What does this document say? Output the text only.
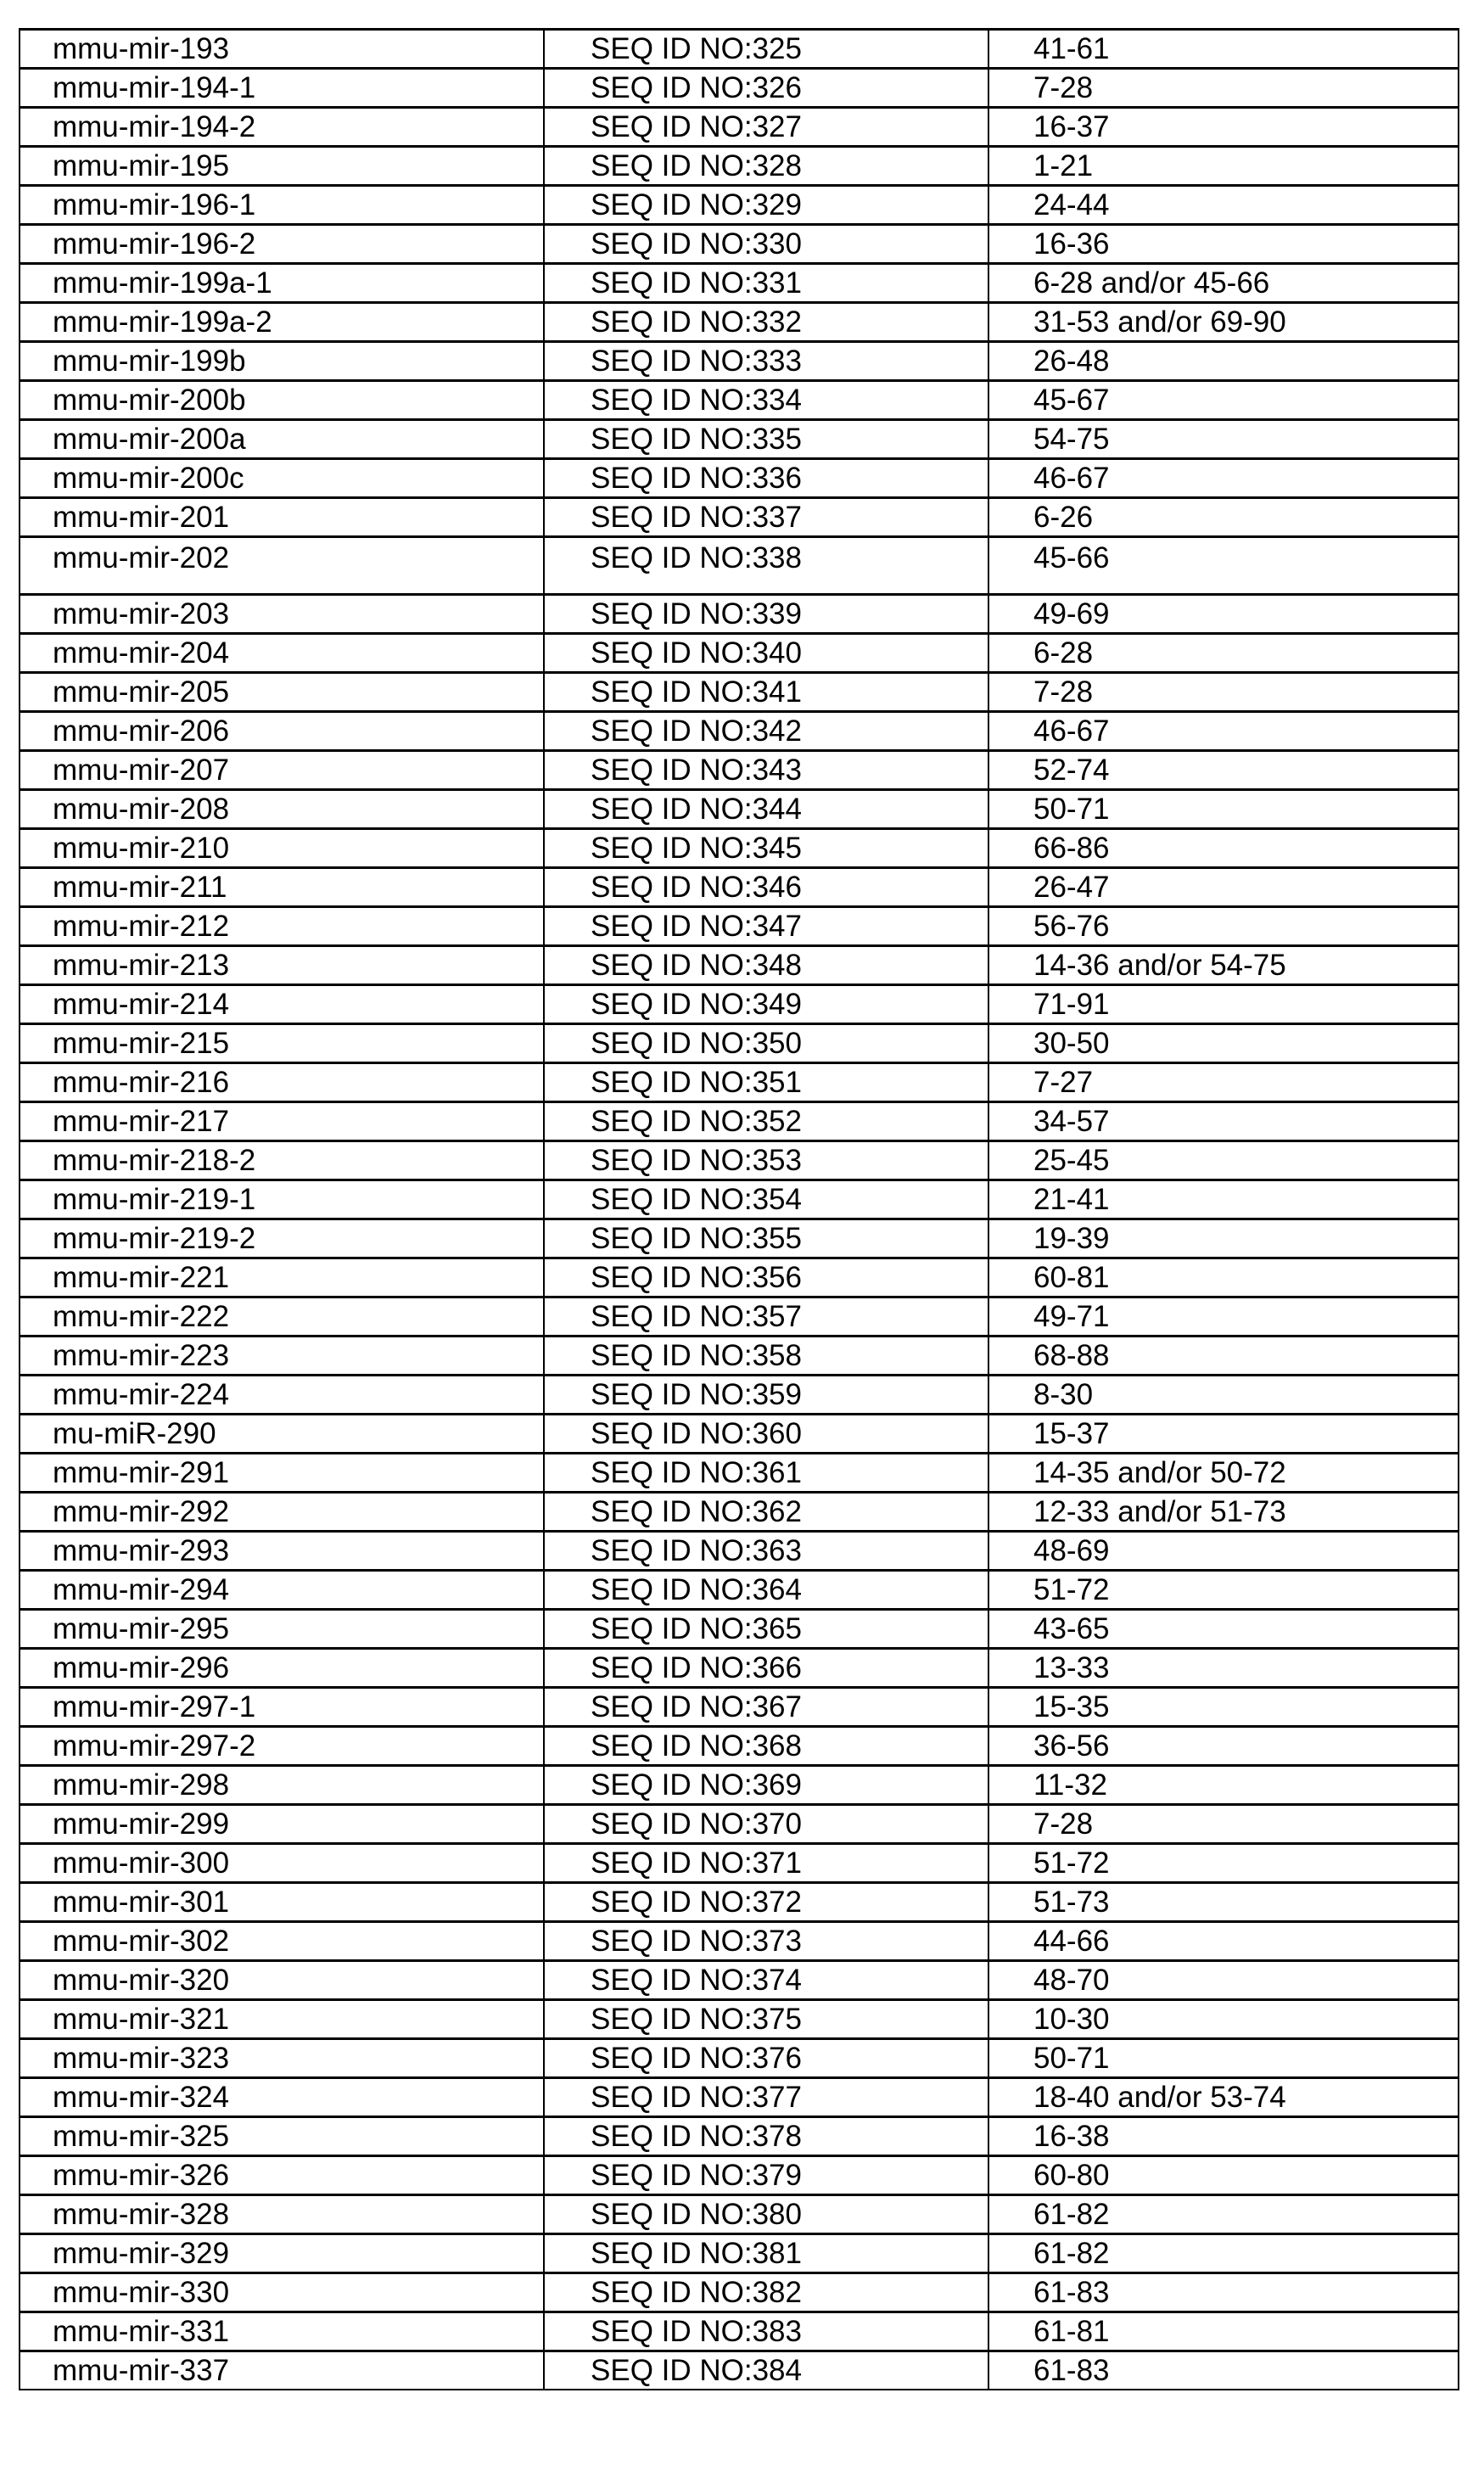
mmu-mir-193	SEQ ID NO:325	41-61
mmu-mir-194-1	SEQ ID NO:326	7-28
mmu-mir-194-2	SEQ ID NO:327	16-37
mmu-mir-195	SEQ ID NO:328	1-21
mmu-mir-196-1	SEQ ID NO:329	24-44
mmu-mir-196-2	SEQ ID NO:330	16-36
mmu-mir-199a-1	SEQ ID NO:331	6-28 and/or 45-66
mmu-mir-199a-2	SEQ ID NO:332	31-53 and/or 69-90
mmu-mir-199b	SEQ ID NO:333	26-48
mmu-mir-200b	SEQ ID NO:334	45-67
mmu-mir-200a	SEQ ID NO:335	54-75
mmu-mir-200c	SEQ ID NO:336	46-67
mmu-mir-201	SEQ ID NO:337	6-26
mmu-mir-202	SEQ ID NO:338	45-66
mmu-mir-203	SEQ ID NO:339	49-69
mmu-mir-204	SEQ ID NO:340	6-28
mmu-mir-205	SEQ ID NO:341	7-28
mmu-mir-206	SEQ ID NO:342	46-67
mmu-mir-207	SEQ ID NO:343	52-74
mmu-mir-208	SEQ ID NO:344	50-71
mmu-mir-210	SEQ ID NO:345	66-86
mmu-mir-211	SEQ ID NO:346	26-47
mmu-mir-212	SEQ ID NO:347	56-76
mmu-mir-213	SEQ ID NO:348	14-36 and/or 54-75
mmu-mir-214	SEQ ID NO:349	71-91
mmu-mir-215	SEQ ID NO:350	30-50
mmu-mir-216	SEQ ID NO:351	7-27
mmu-mir-217	SEQ ID NO:352	34-57
mmu-mir-218-2	SEQ ID NO:353	25-45
mmu-mir-219-1	SEQ ID NO:354	21-41
mmu-mir-219-2	SEQ ID NO:355	19-39
mmu-mir-221	SEQ ID NO:356	60-81
mmu-mir-222	SEQ ID NO:357	49-71
mmu-mir-223	SEQ ID NO:358	68-88
mmu-mir-224	SEQ ID NO:359	8-30
mu-miR-290	SEQ ID NO:360	15-37
mmu-mir-291	SEQ ID NO:361	14-35 and/or 50-72
mmu-mir-292	SEQ ID NO:362	12-33 and/or 51-73
mmu-mir-293	SEQ ID NO:363	48-69
mmu-mir-294	SEQ ID NO:364	51-72
mmu-mir-295	SEQ ID NO:365	43-65
mmu-mir-296	SEQ ID NO:366	13-33
mmu-mir-297-1	SEQ ID NO:367	15-35
mmu-mir-297-2	SEQ ID NO:368	36-56
mmu-mir-298	SEQ ID NO:369	11-32
mmu-mir-299	SEQ ID NO:370	7-28
mmu-mir-300	SEQ ID NO:371	51-72
mmu-mir-301	SEQ ID NO:372	51-73
mmu-mir-302	SEQ ID NO:373	44-66
mmu-mir-320	SEQ ID NO:374	48-70
mmu-mir-321	SEQ ID NO:375	10-30
mmu-mir-323	SEQ ID NO:376	50-71
mmu-mir-324	SEQ ID NO:377	18-40 and/or 53-74
mmu-mir-325	SEQ ID NO:378	16-38
mmu-mir-326	SEQ ID NO:379	60-80
mmu-mir-328	SEQ ID NO:380	61-82
mmu-mir-329	SEQ ID NO:381	61-82
mmu-mir-330	SEQ ID NO:382	61-83
mmu-mir-331	SEQ ID NO:383	61-81
mmu-mir-337	SEQ ID NO:384	61-83
